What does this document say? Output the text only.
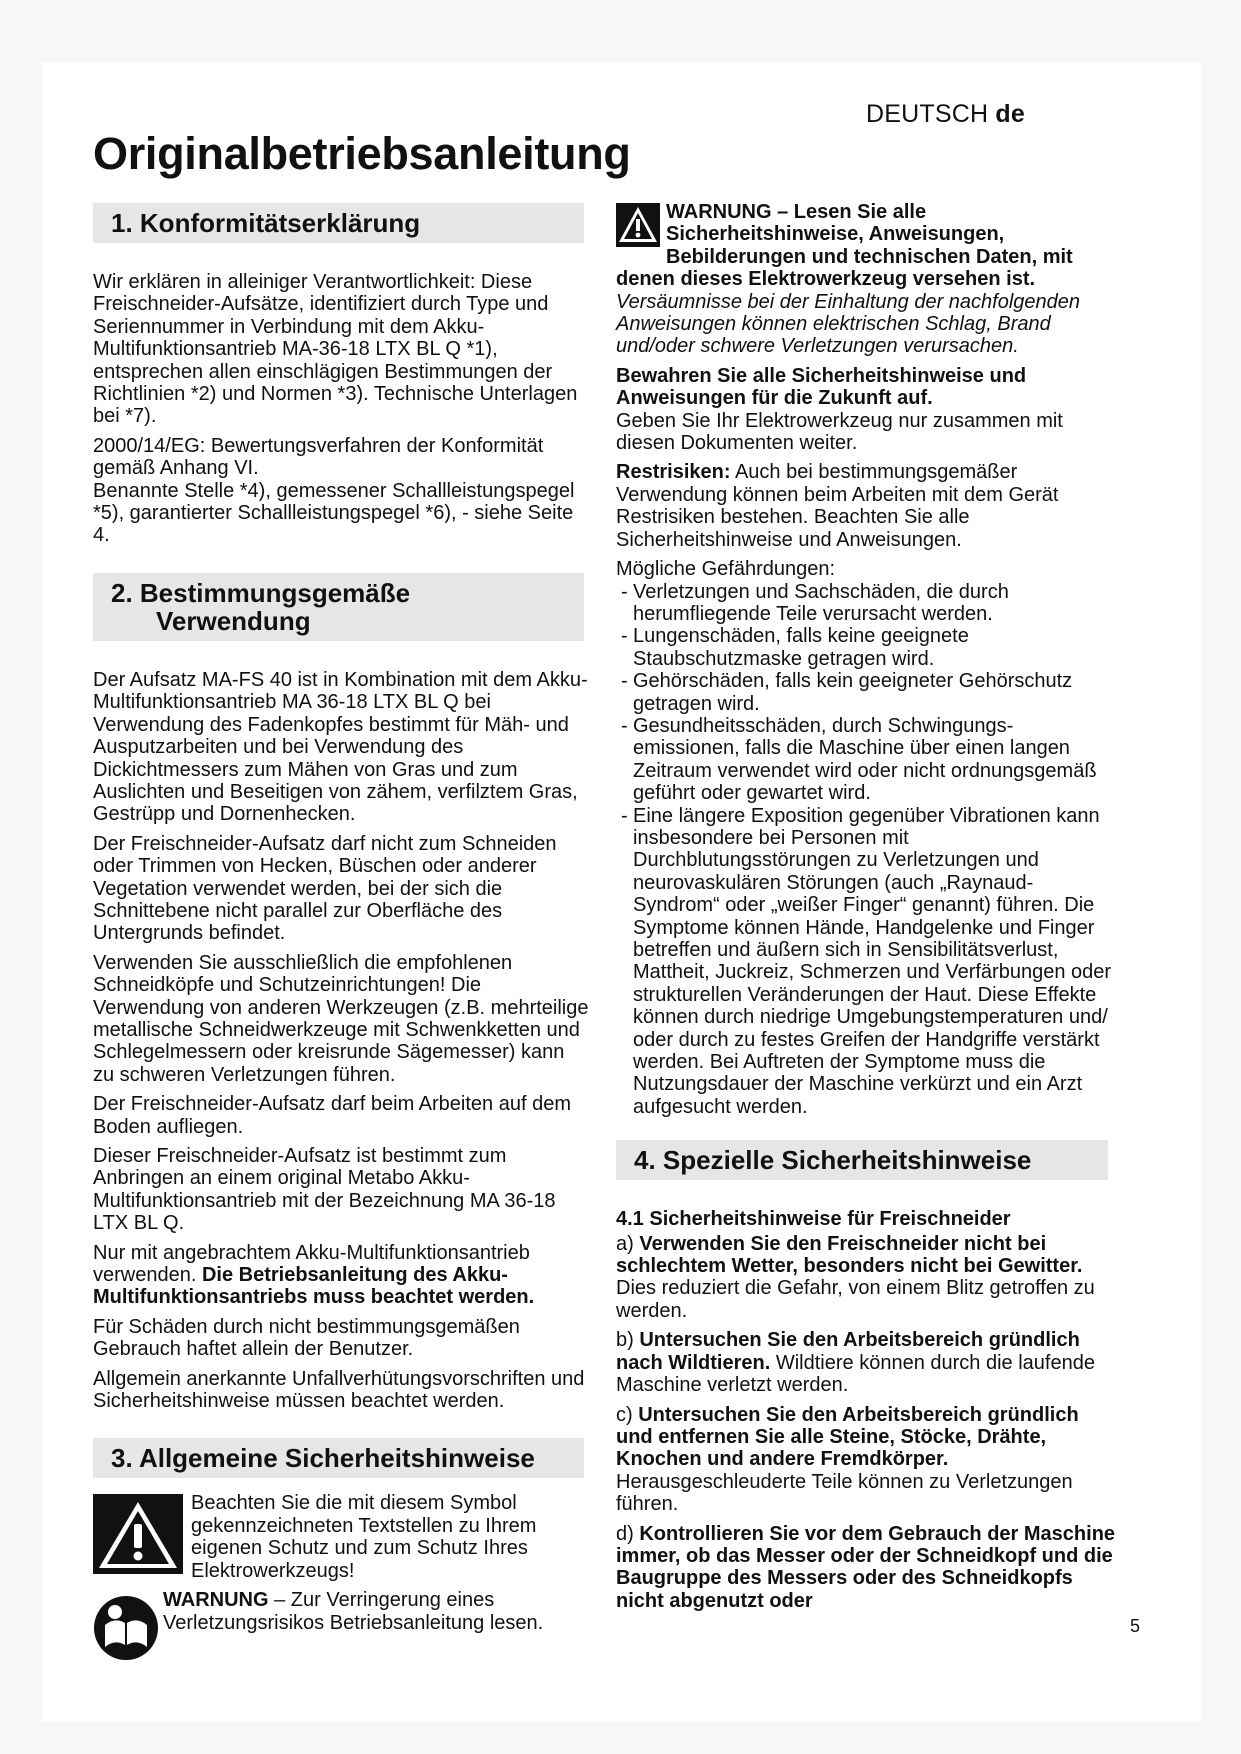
DEUTSCH de
Originalbetriebsanleitung
1. Konformitätserklärung

Wir erklären in alleiniger Verantwortlichkeit: Diese Freischneider-Aufsätze, identifiziert durch Type und Seriennummer in Verbindung mit dem Akku-Multifunktionsantrieb MA-36-18 LTX BL Q *1), entsprechen allen einschlägigen Bestimmungen der Richtlinien *2) und Normen *3). Technische Unterlagen bei *7).

2000/14/EG: Bewertungsverfahren der Konformität gemäß Anhang VI.

Benannte Stelle *4), gemessener Schallleistungspegel *5), garantierter Schallleistungspegel *6), - siehe Seite 4.

2. Bestimmungsgemäße
Verwendung

Der Aufsatz MA-FS 40 ist in Kombination mit dem Akku-Multifunktionsantrieb MA 36-18 LTX BL Q bei Verwendung des Fadenkopfes bestimmt für Mäh- und Ausputzarbeiten und bei Verwendung des Dickichtmessers zum Mähen von Gras und zum Auslichten und Beseitigen von zähem, verfilztem Gras, Gestrüpp und Dornenhecken.

Der Freischneider-Aufsatz darf nicht zum Schneiden oder Trimmen von Hecken, Büschen oder anderer Vegetation verwendet werden, bei der sich die Schnittebene nicht parallel zur Oberfläche des Untergrunds befindet.

Verwenden Sie ausschließlich die empfohlenen Schneidköpfe und Schutzeinrichtungen! Die Verwendung von anderen Werkzeugen (z.B. mehrteilige metallische Schneidwerkzeuge mit Schwenkketten und Schlegelmessern oder kreisrunde Sägemesser) kann zu schweren Verletzungen führen.

Der Freischneider-Aufsatz darf beim Arbeiten auf dem Boden aufliegen.

Dieser Freischneider-Aufsatz ist bestimmt zum Anbringen an einem original Metabo Akku-Multifunktionsantrieb mit der Bezeichnung MA 36-18 LTX BL Q.

Nur mit angebrachtem Akku-Multifunktionsantrieb verwenden. Die Betriebsanleitung des Akku-Multifunktionsantriebs muss beachtet werden.

Für Schäden durch nicht bestimmungsgemäßen Gebrauch haftet allein der Benutzer.

Allgemein anerkannte Unfallverhütungsvorschriften und Sicherheitshinweise müssen beachtet werden.

3. Allgemeine Sicherheitshinweise

Beachten Sie die mit diesem Symbol gekennzeichneten Textstellen zu Ihrem eigenen Schutz und zum Schutz Ihres Elektrowerkzeugs!

WARNUNG – Zur Verringerung eines Verletzungsrisikos Betriebsanleitung lesen.

WARNUNG – Lesen Sie alle Sicherheitshinweise, Anweisungen, Bebilderungen und technischen Daten, mit denen dieses Elektrowerkzeug versehen ist.

Versäumnisse bei der Einhaltung der nachfolgenden Anweisungen können elektrischen Schlag, Brand und/oder schwere Verletzungen verursachen.

Bewahren Sie alle Sicherheitshinweise und Anweisungen für die Zukunft auf.

Geben Sie Ihr Elektrowerkzeug nur zusammen mit diesen Dokumenten weiter.

Restrisiken: Auch bei bestimmungsgemäßer Verwendung können beim Arbeiten mit dem Gerät Restrisiken bestehen. Beachten Sie alle Sicherheitshinweise und Anweisungen.

Mögliche Gefährdungen:

- Verletzungen und Sachschäden, die durch herumfliegende Teile verursacht werden.
- Lungenschäden, falls keine geeignete Staubschutzmaske getragen wird.
- Gehörschäden, falls kein geeigneter Gehörschutz getragen wird.
- Gesundheitsschäden, durch Schwingungs-emissionen, falls die Maschine über einen langen Zeitraum verwendet wird oder nicht ordnungsgemäß geführt oder gewartet wird.
- Eine längere Exposition gegenüber Vibrationen kann insbesondere bei Personen mit Durchblutungsstörungen zu Verletzungen und neurovaskulären Störungen (auch „Raynaud-Syndrom“ oder „weißer Finger“ genannt) führen. Die Symptome können Hände, Handgelenke und Finger betreffen und äußern sich in Sensibilitätsverlust, Mattheit, Juckreiz, Schmerzen und Verfärbungen oder strukturellen Veränderungen der Haut. Diese Effekte können durch niedrige Umgebungstemperaturen und/ oder durch zu festes Greifen der Handgriffe verstärkt werden. Bei Auftreten der Symptome muss die Nutzungsdauer der Maschine verkürzt und ein Arzt aufgesucht werden.
4. Spezielle Sicherheitshinweise

4.1 Sicherheitshinweise für Freischneider

a) Verwenden Sie den Freischneider nicht bei schlechtem Wetter, besonders nicht bei Gewitter. Dies reduziert die Gefahr, von einem Blitz getroffen zu werden.

b) Untersuchen Sie den Arbeitsbereich gründlich nach Wildtieren. Wildtiere können durch die laufende Maschine verletzt werden.

c) Untersuchen Sie den Arbeitsbereich gründlich und entfernen Sie alle Steine, Stöcke, Drähte, Knochen und andere Fremdkörper. Herausgeschleuderte Teile können zu Verletzungen führen.

d) Kontrollieren Sie vor dem Gebrauch der Maschine immer, ob das Messer oder der Schneidkopf und die Baugruppe des Messers oder des Schneidkopfs nicht abgenutzt oder

5
